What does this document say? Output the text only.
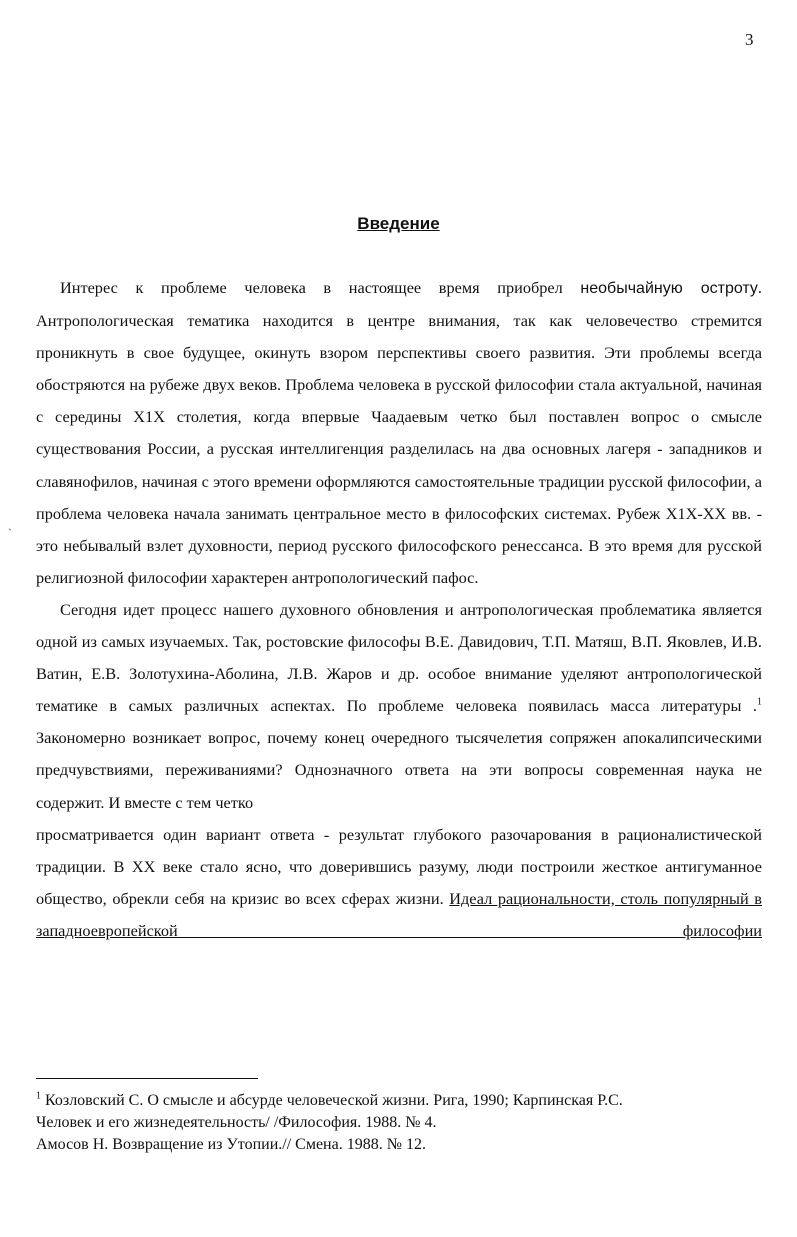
3
Введение
ˎ

Интерес к проблеме человека в настоящее время приобрел необычайную остроту. Антропологическая тематика находится в центре внимания, так как человечество стремится проникнуть в свое будущее, окинуть взором перспективы своего развития. Эти проблемы всегда обостряются на рубеже двух веков. Проблема человека в русской философии стала актуальной, начиная с середины Х1Х столетия, когда впервые Чаадаевым четко был поставлен вопрос о смысле существования России, а русская интеллигенция разделилась на два основных лагеря - западников и славянофилов, начиная с этого времени оформляются самостоятельные традиции русской философии, а проблема человека начала занимать центральное место в философских системах. Рубеж Х1Х-ХХ вв. - это небывалый взлет духовности, период русского философского ренессанса. В это время для русской религиозной философии характерен антропологический пафос.

Сегодня идет процесс нашего духовного обновления и антропологическая проблематика является одной из самых изучаемых. Так, ростовские философы В.Е. Давидович, Т.П. Матяш, В.П. Яковлев, И.В. Ватин, Е.В. Золотухина-Аболина, Л.В. Жаров и др. особое внимание уделяют антропологической тематике в самых различных аспектах. По проблеме человека появилась масса литературы .$^1$ Закономерно возникает вопрос, почему конец очередного тысячелетия сопряжен апокалипсическими предчувствиями, переживаниями? Однозначного ответа на эти вопросы современная наука не содержит. И вместе с тем четко

просматривается один вариант ответа - результат глубокого разочарования в рационалистической традиции. В ХХ веке стало ясно, что доверившись разуму, люди построили жесткое антигуманное общество, обрекли себя на кризис во всех сферах жизни. Идеал рациональности, столь популярный в западноевропейской философии

$^1$ Козловский С. О смысле и абсурде человеческой жизни. Рига, 1990; Карпинская Р.С.

Человек и его жизнедеятельность/ /Философия. 1988. № 4.

Амосов Н. Возвращение из Утопии.// Смена. 1988. № 12.
